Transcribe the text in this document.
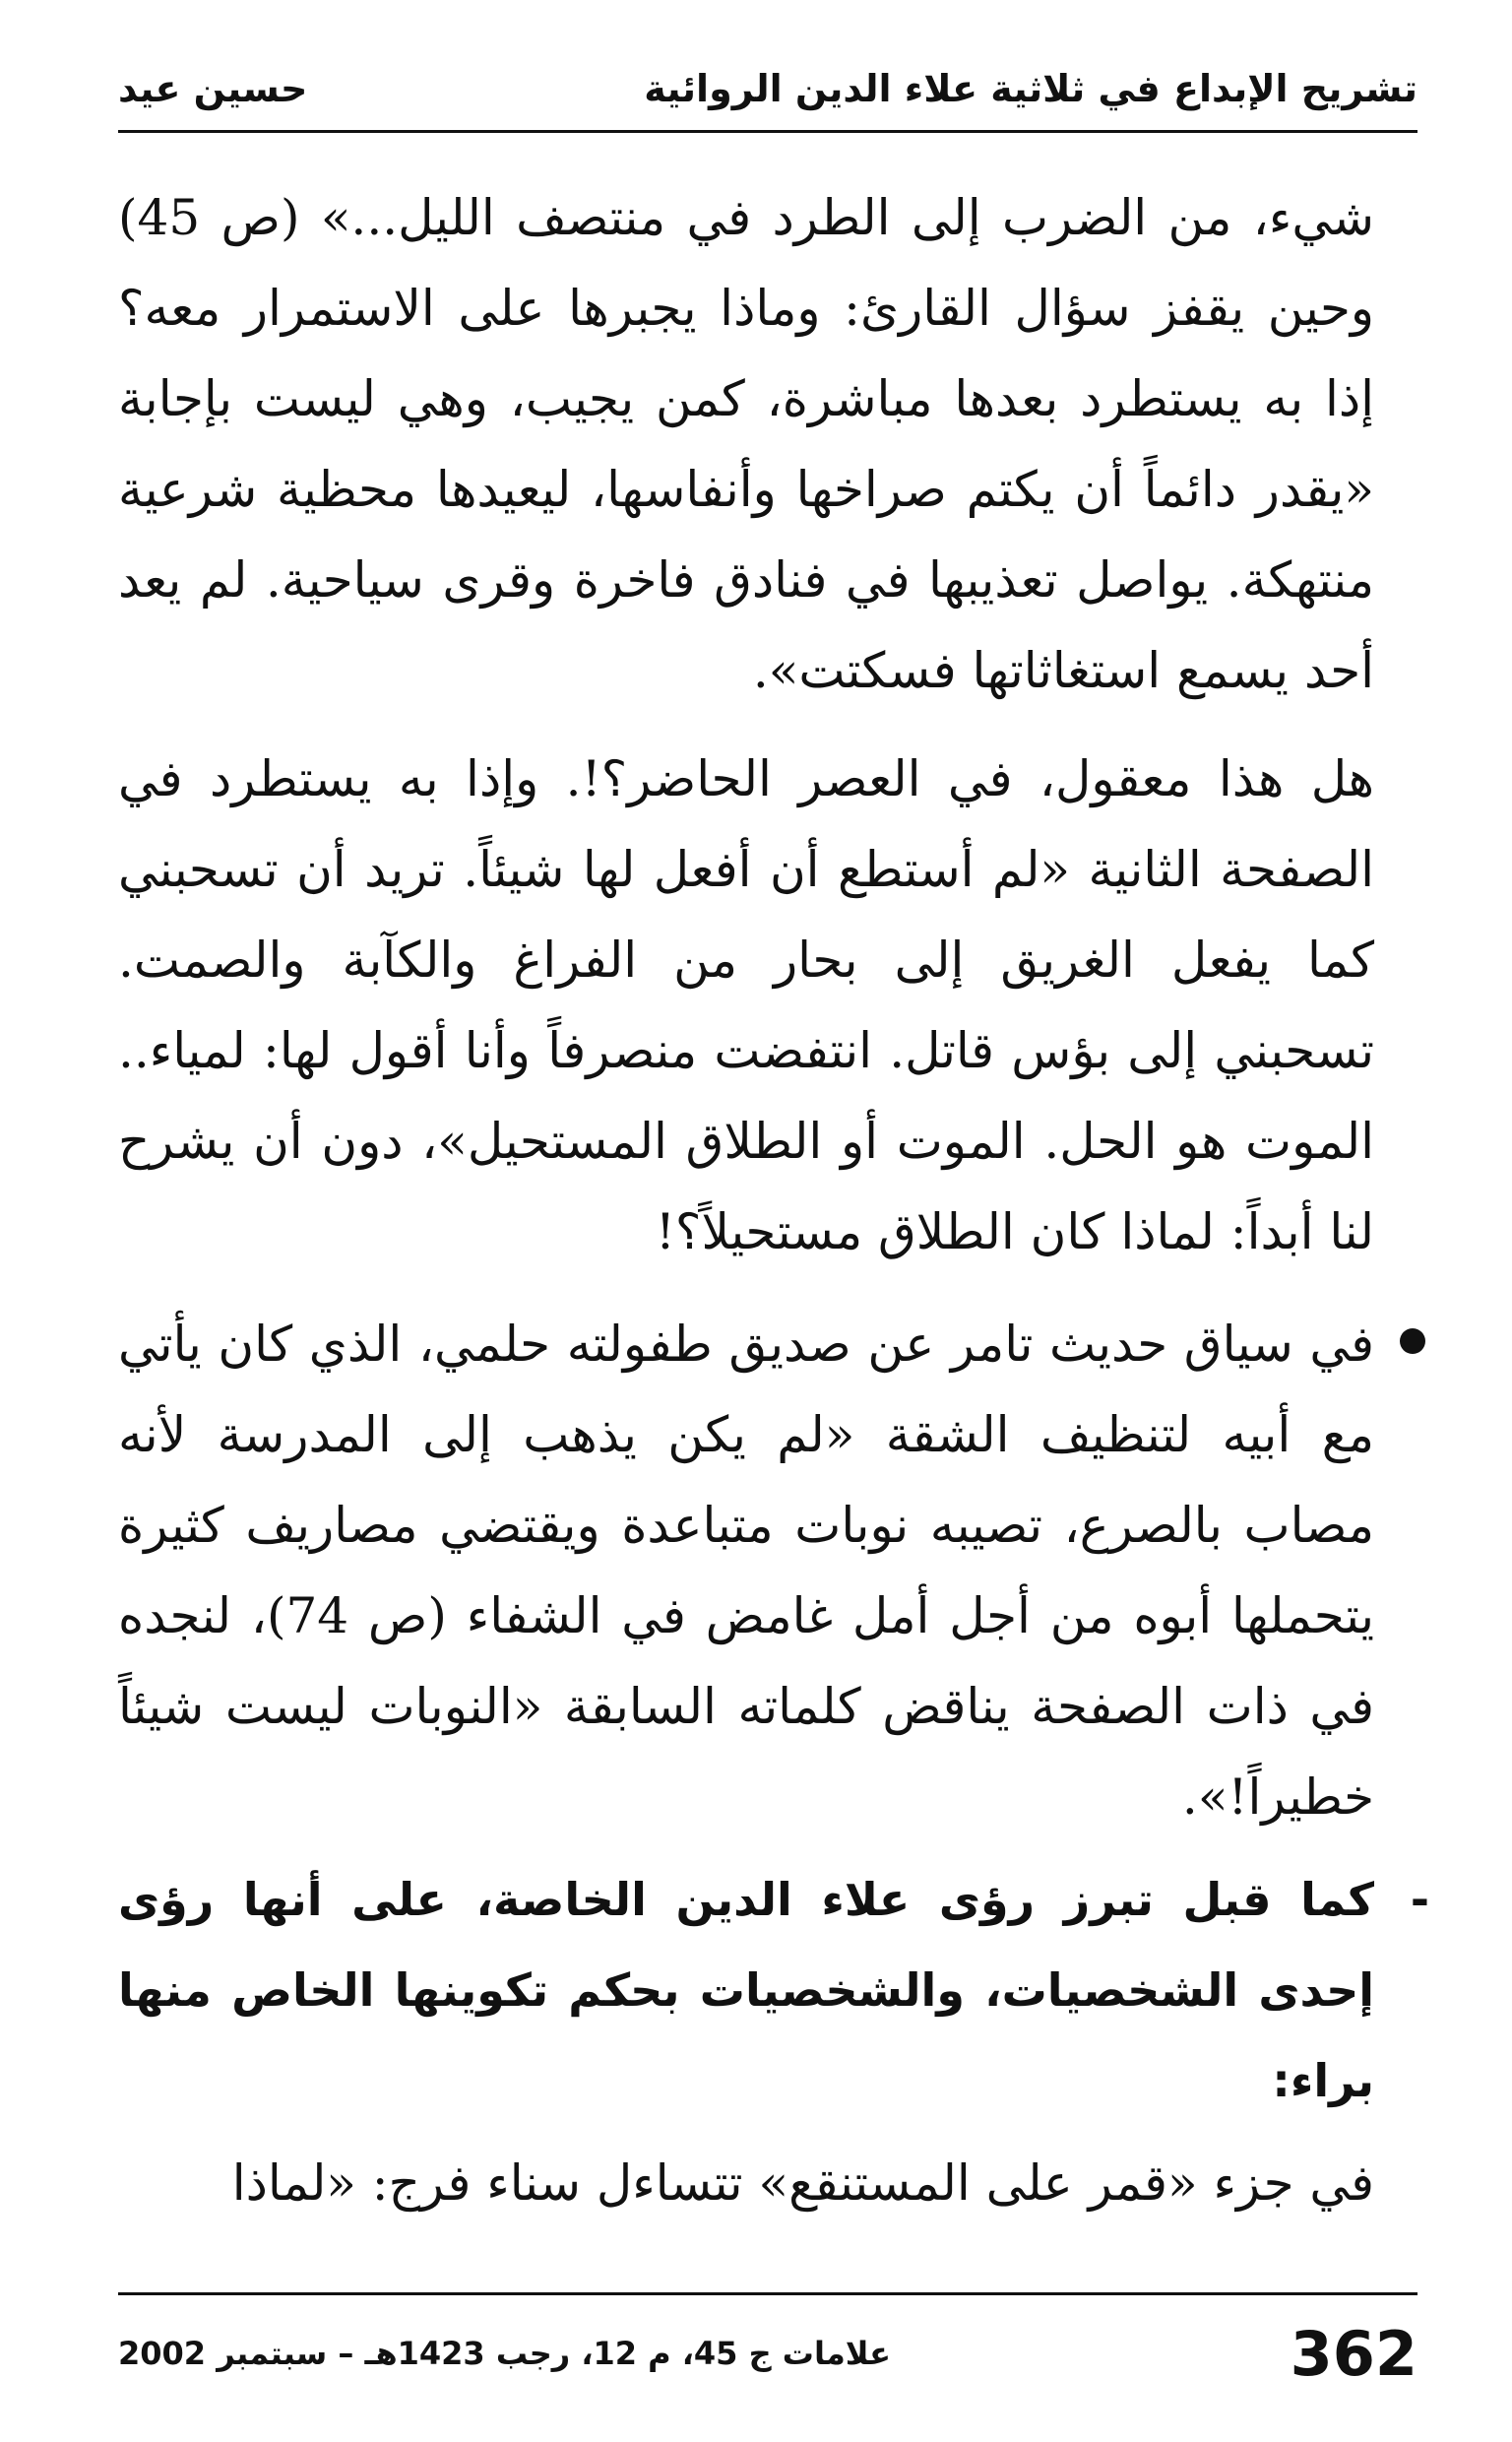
تشريح الإبداع في ثلاثية علاء الدين الروائية
حسين عيد

شيء، من الضرب إلى الطرد في منتصف الليل...» (ص 45) وحين يقفز سؤال القارئ: وماذا يجبرها على الاستمرار معه؟ إذا به يستطرد بعدها مباشرة، كمن يجيب، وهي ليست بإجابة «يقدر دائماً أن يكتم صراخها وأنفاسها، ليعيدها محظية شرعية منتهكة. يواصل تعذيبها في فنادق فاخرة وقرى سياحية. لم يعد أحد يسمع استغاثاتها فسكتت».

هل هذا معقول، في العصر الحاضر؟!. وإذا به يستطرد في الصفحة الثانية «لم أستطع أن أفعل لها شيئاً. تريد أن تسحبني كما يفعل الغريق إلى بحار من الفراغ والكآبة والصمت. تسحبني إلى بؤس قاتل. انتفضت منصرفاً وأنا أقول لها: لمياء.. الموت هو الحل. الموت أو الطلاق المستحيل»، دون أن يشرح لنا أبداً: لماذا كان الطلاق مستحيلاً؟!

في سياق حديث تامر عن صديق طفولته حلمي، الذي كان يأتي مع أبيه لتنظيف الشقة «لم يكن يذهب إلى المدرسة لأنه مصاب بالصرع، تصيبه نوبات متباعدة ويقتضي مصاريف كثيرة يتحملها أبوه من أجل أمل غامض في الشفاء (ص 74)، لنجده في ذات الصفحة يناقض كلماته السابقة «النوبات ليست شيئاً خطيراً!».

-
كما قبل تبرز رؤى علاء الدين الخاصة، على أنها رؤى إحدى الشخصيات، والشخصيات بحكم تكوينها الخاص منها براء:

في جزء «قمر على المستنقع» تتساءل سناء فرج: «لماذا

362
علامات ج 45، م 12، رجب 1423هـ – سبتمبر 2002
